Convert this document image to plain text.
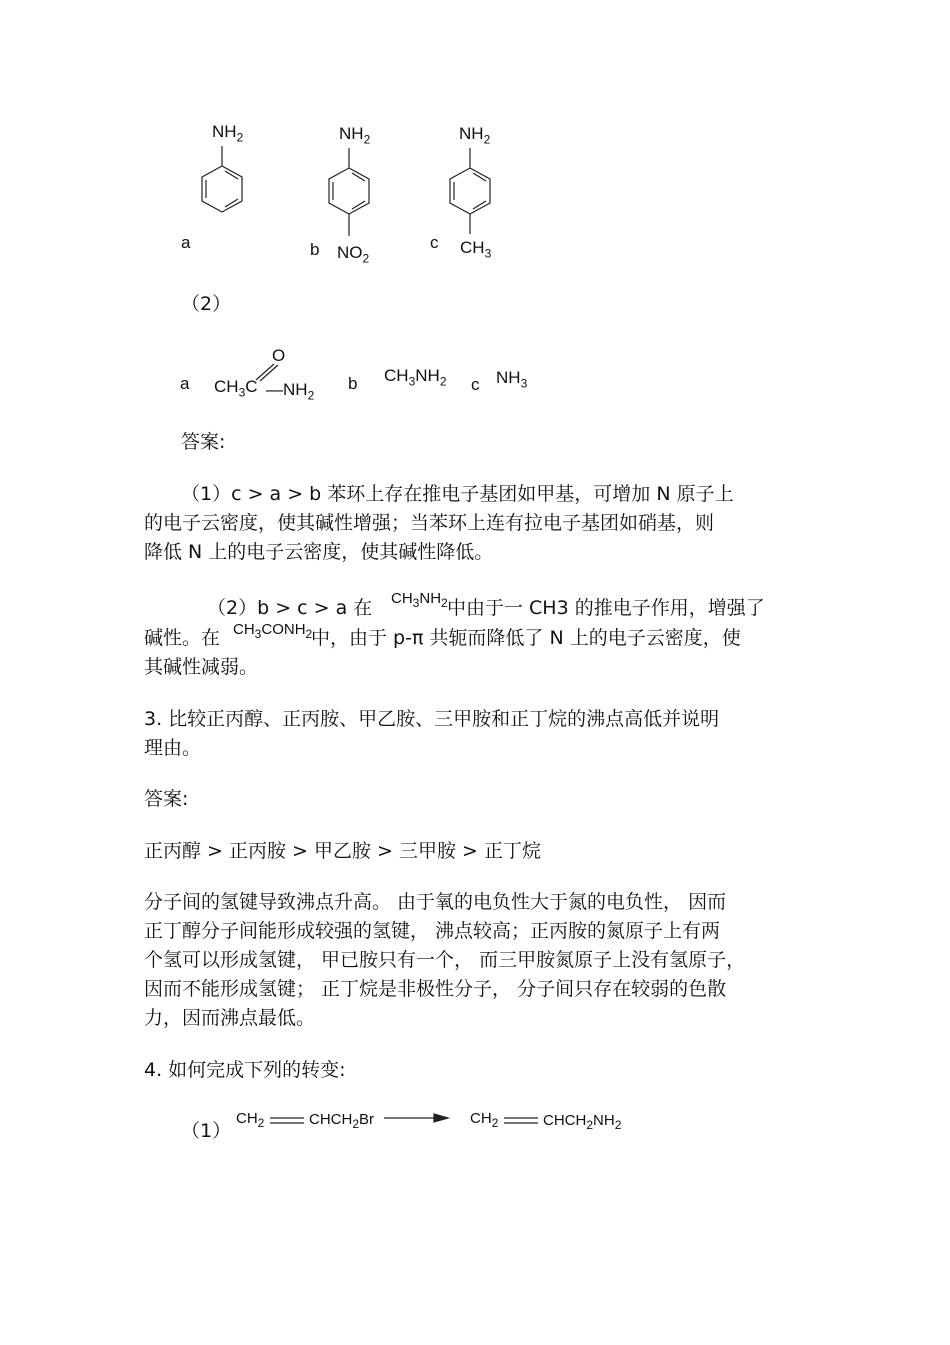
$NH_2$
a
$NH_2$
b $NO_2$
$NH_2$
c $CH_3$
（2）
a $CH_3C$
O
$—NH_2$
b $CH_3NH_2$ c $NH_3$
答案:
（1）c > a > b 苯环上存在推电子基团如甲基，可增加 N 原子上
的电子云密度，使其碱性增强；当苯环上连有拉电子基团如硝基，则
降低 N 上的电子云密度，使其碱性降低。
（2）b > c > a 在 $CH_3NH_2$ 中由于一 CH3 的推电子作用，增强了
碱性。在 $CH_3CONH_2$
中，由于 p-π 共轭而降低了 N 上的电子云密度，使
其碱性减弱。
3. 比较正丙醇、正丙胺、甲乙胺、三甲胺和正丁烷的沸点高低并说明
理由。
答案:
正丙醇 > 正丙胺 > 甲乙胺 > 三甲胺 > 正丁烷
分子间的氢键导致沸点升高。 由于氧的电负性大于氮的电负性， 因而
正丁醇分子间能形成较强的氢键， 沸点较高；正丙胺的氮原子上有两
个氢可以形成氢键， 甲已胺只有一个， 而三甲胺氮原子上没有氢原子，
因而不能形成氢键； 正丁烷是非极性分子， 分子间只存在较弱的色散
力，因而沸点最低。
4. 如何完成下列的转变:
（1）
$CH_2$	$CHCH_2Br$	$CH_2$	$CHCH_2NH_2$
